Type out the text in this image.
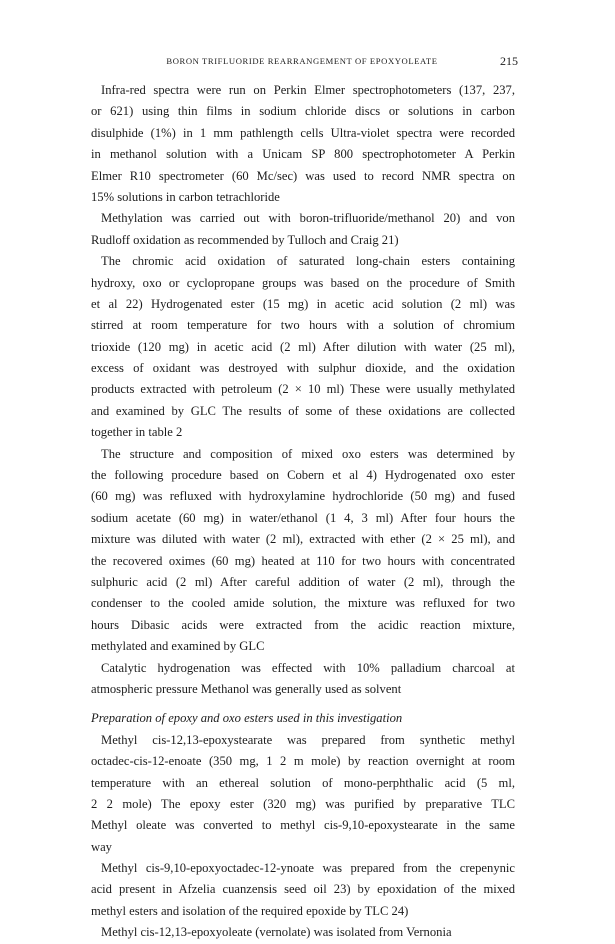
BORON TRIFLUORIDE REARRANGEMENT OF EPOXYOLEATE	215
Infra-red spectra were run on Perkin Elmer spectrophotometers (137, 237,
or 621) using thin films in sodium chloride discs or solutions in carbon
disulphide (1%) in 1 mm pathlength cells Ultra-violet spectra were recorded
in methanol solution with a Unicam SP 800 spectrophotometer A Perkin
Elmer R10 spectrometer (60 Mc/sec) was used to record NMR spectra on
15% solutions in carbon tetrachloride
Methylation was carried out with boron-trifluoride/methanol 20) and von
Rudloff oxidation as recommended by Tulloch and Craig 21)
The chromic acid oxidation of saturated long-chain esters containing
hydroxy, oxo or cyclopropane groups was based on the procedure of Smith
et al 22) Hydrogenated ester (15 mg) in acetic acid solution (2 ml) was
stirred at room temperature for two hours with a solution of chromium
trioxide (120 mg) in acetic acid (2 ml) After dilution with water (25 ml),
excess of oxidant was destroyed with sulphur dioxide, and the oxidation
products extracted with petroleum (2 × 10 ml) These were usually methylated
and examined by GLC The results of some of these oxidations are collected
together in table 2
The structure and composition of mixed oxo esters was determined by
the following procedure based on Cobern et al 4) Hydrogenated oxo ester
(60 mg) was refluxed with hydroxylamine hydrochloride (50 mg) and fused
sodium acetate (60 mg) in water/ethanol (1 4, 3 ml) After four hours the
mixture was diluted with water (2 ml), extracted with ether (2 × 25 ml), and
the recovered oximes (60 mg) heated at 110 for two hours with concentrated
sulphuric acid (2 ml) After careful addition of water (2 ml), through the
condenser to the cooled amide solution, the mixture was refluxed for two
hours Dibasic acids were extracted from the acidic reaction mixture,
methylated and examined by GLC
Catalytic hydrogenation was effected with 10% palladium charcoal at
atmospheric pressure Methanol was generally used as solvent
Preparation of epoxy and oxo esters used in this investigation
Methyl cis-12,13-epoxystearate was prepared from synthetic methyl
octadec-cis-12-enoate (350 mg, 1 2 m mole) by reaction overnight at room
temperature with an ethereal solution of mono-perphthalic acid (5 ml,
2 2 mole) The epoxy ester (320 mg) was purified by preparative TLC
Methyl oleate was converted to methyl cis-9,10-epoxystearate in the same
way
Methyl cis-9,10-epoxyoctadec-12-ynoate was prepared from the crepenynic
acid present in Afzelia cuanzensis seed oil 23) by epoxidation of the mixed
methyl esters and isolation of the required epoxide by TLC 24)
Methyl cis-12,13-epoxyoleate (vernolate) was isolated from Vernonia
